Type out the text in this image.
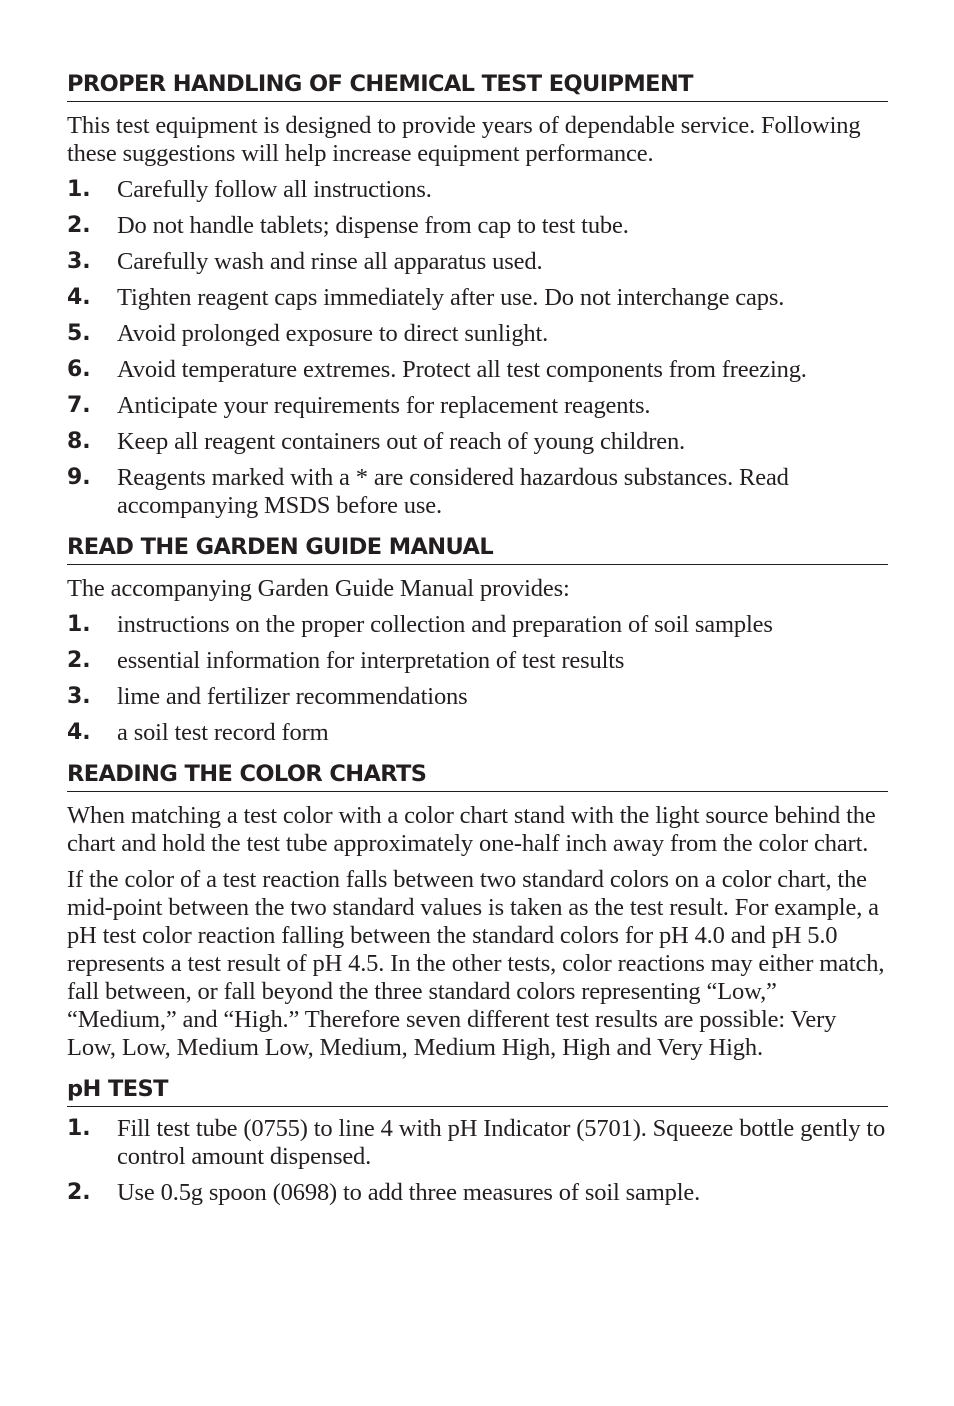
PROPER HANDLING OF CHEMICAL TEST EQUIPMENT

This test equipment is designed to provide years of dependable service. Following these suggestions will help increase equipment performance.

1.	Carefully follow all instructions.
2.	Do not handle tablets; dispense from cap to test tube.
3.	Carefully wash and rinse all apparatus used.
4.	Tighten reagent caps immediately after use. Do not interchange caps.
5.	Avoid prolonged exposure to direct sunlight.
6.	Avoid temperature extremes. Protect all test components from freezing.
7.	Anticipate your requirements for replacement reagents.
8.	Keep all reagent containers out of reach of young children.
9.	Reagents marked with a * are considered hazardous substances. Read accompanying MSDS before use.
READ THE GARDEN GUIDE MANUAL

The accompanying Garden Guide Manual provides:

1.	instructions on the proper collection and preparation of soil samples
2.	essential information for interpretation of test results
3.	lime and fertilizer recommendations
4.	a soil test record form
READING THE COLOR CHARTS

When matching a test color with a color chart stand with the light source behind the chart and hold the test tube approximately one-half inch away from the color chart.

If the color of a test reaction falls between two standard colors on a color chart, the mid-point between the two standard values is taken as the test result. For example, a pH test color reaction falling between the standard colors for pH 4.0 and pH 5.0 represents a test result of pH 4.5. In the other tests, color reactions may either match, fall between, or fall beyond the three standard colors representing “Low,” “Medium,” and “High.” Therefore seven different test results are possible: Very Low, Low, Medium Low, Medium, Medium High, High and Very High.

pH TEST
1.	Fill test tube (0755) to line 4 with pH Indicator (5701). Squeeze bottle gently to control amount dispensed.
2.	Use 0.5g spoon (0698) to add three measures of soil sample.
